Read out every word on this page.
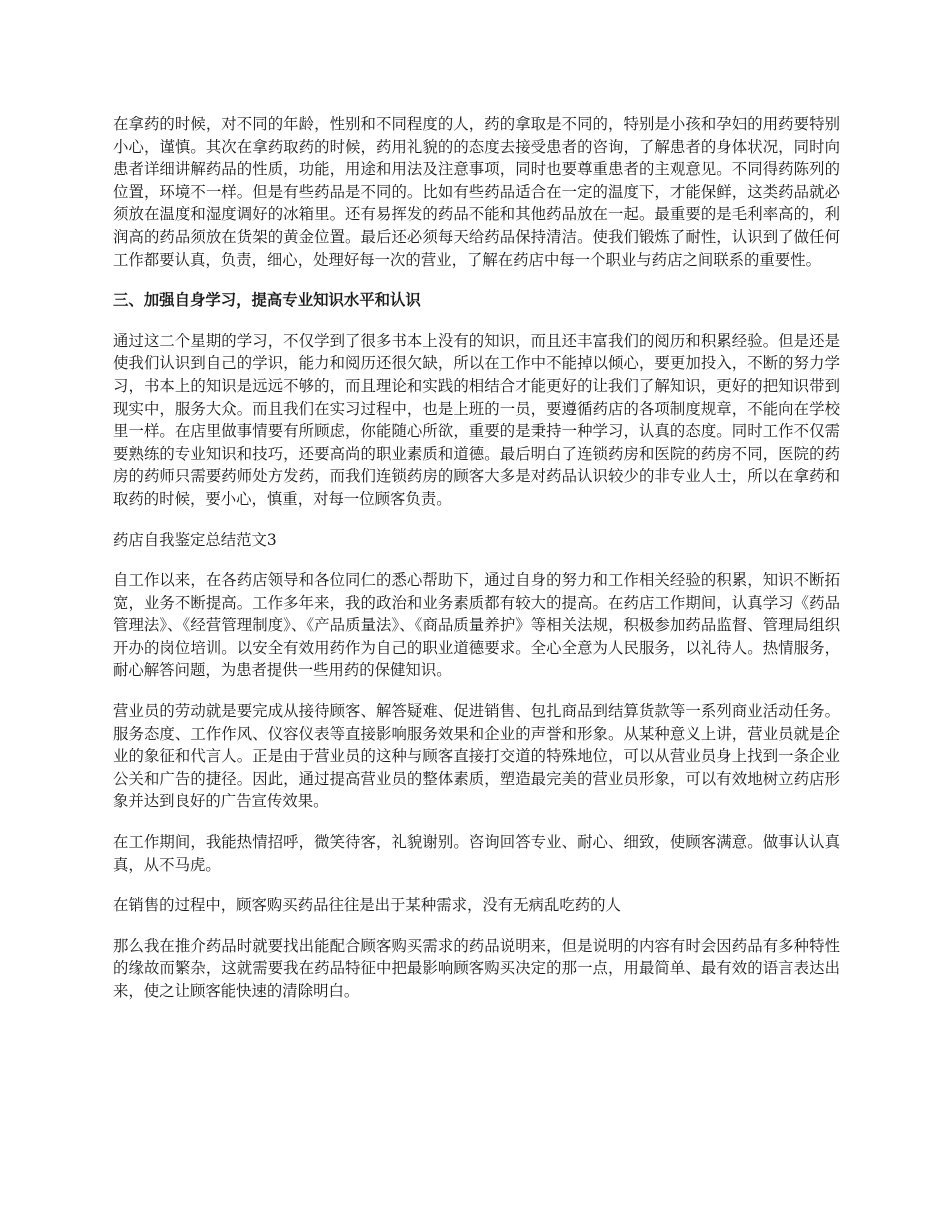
在拿药的时候，对不同的年龄，性别和不同程度的人，药的拿取是不同的，特别是小孩和孕妇的用药要特别小心，谨慎。其次在拿药取药的时候，药用礼貌的的态度去接受患者的咨询，了解患者的身体状况，同时向患者详细讲解药品的性质，功能，用途和用法及注意事项，同时也要尊重患者的主观意见。不同得药陈列的位置，环境不一样。但是有些药品是不同的。比如有些药品适合在一定的温度下，才能保鲜，这类药品就必须放在温度和湿度调好的冰箱里。还有易挥发的药品不能和其他药品放在一起。最重要的是毛利率高的，利润高的药品须放在货架的黄金位置。最后还必须每天给药品保持清洁。使我们锻炼了耐性，认识到了做任何工作都要认真，负责，细心，处理好每一次的营业，了解在药店中每一个职业与药店之间联系的重要性。

三、加强自身学习，提高专业知识水平和认识

通过这二个星期的学习，不仅学到了很多书本上没有的知识，而且还丰富我们的阅历和积累经验。但是还是使我们认识到自己的学识，能力和阅历还很欠缺，所以在工作中不能掉以倾心，要更加投入，不断的努力学习，书本上的知识是远远不够的，而且理论和实践的相结合才能更好的让我们了解知识，更好的把知识带到现实中，服务大众。而且我们在实习过程中，也是上班的一员，要遵循药店的各项制度规章，不能向在学校里一样。在店里做事情要有所顾虑，你能随心所欲，重要的是秉持一种学习，认真的态度。同时工作不仅需要熟练的专业知识和技巧，还要高尚的职业素质和道德。最后明白了连锁药房和医院的药房不同，医院的药房的药师只需要药师处方发药，而我们连锁药房的顾客大多是对药品认识较少的非专业人士，所以在拿药和取药的时候，要小心，慎重，对每一位顾客负责。

药店自我鉴定总结范文3

自工作以来，在各药店领导和各位同仁的悉心帮助下，通过自身的努力和工作相关经验的积累，知识不断拓宽，业务不断提高。工作多年来，我的政治和业务素质都有较大的提高。在药店工作期间，认真学习《药品管理法》、《经营管理制度》、《产品质量法》、《商品质量养护》等相关法规，积极参加药品监督、管理局组织开办的岗位培训。以安全有效用药作为自己的职业道德要求。全心全意为人民服务，以礼待人。热情服务，耐心解答问题，为患者提供一些用药的保健知识。

营业员的劳动就是要完成从接待顾客、解答疑难、促进销售、包扎商品到结算货款等一系列商业活动任务。服务态度、工作作风、仪容仪表等直接影响服务效果和企业的声誉和形象。从某种意义上讲，营业员就是企业的象征和代言人。正是由于营业员的这种与顾客直接打交道的特殊地位，可以从营业员身上找到一条企业公关和广告的捷径。因此，通过提高营业员的整体素质，塑造最完美的营业员形象，可以有效地树立药店形象并达到良好的广告宣传效果。

在工作期间，我能热情招呼，微笑待客，礼貌谢别。咨询回答专业、耐心、细致，使顾客满意。做事认认真真，从不马虎。

在销售的过程中，顾客购买药品往往是出于某种需求，没有无病乱吃药的人

那么我在推介药品时就要找出能配合顾客购买需求的药品说明来，但是说明的内容有时会因药品有多种特性的缘故而繁杂，这就需要我在药品特征中把最影响顾客购买决定的那一点，用最简单、最有效的语言表达出来，使之让顾客能快速的清除明白。
